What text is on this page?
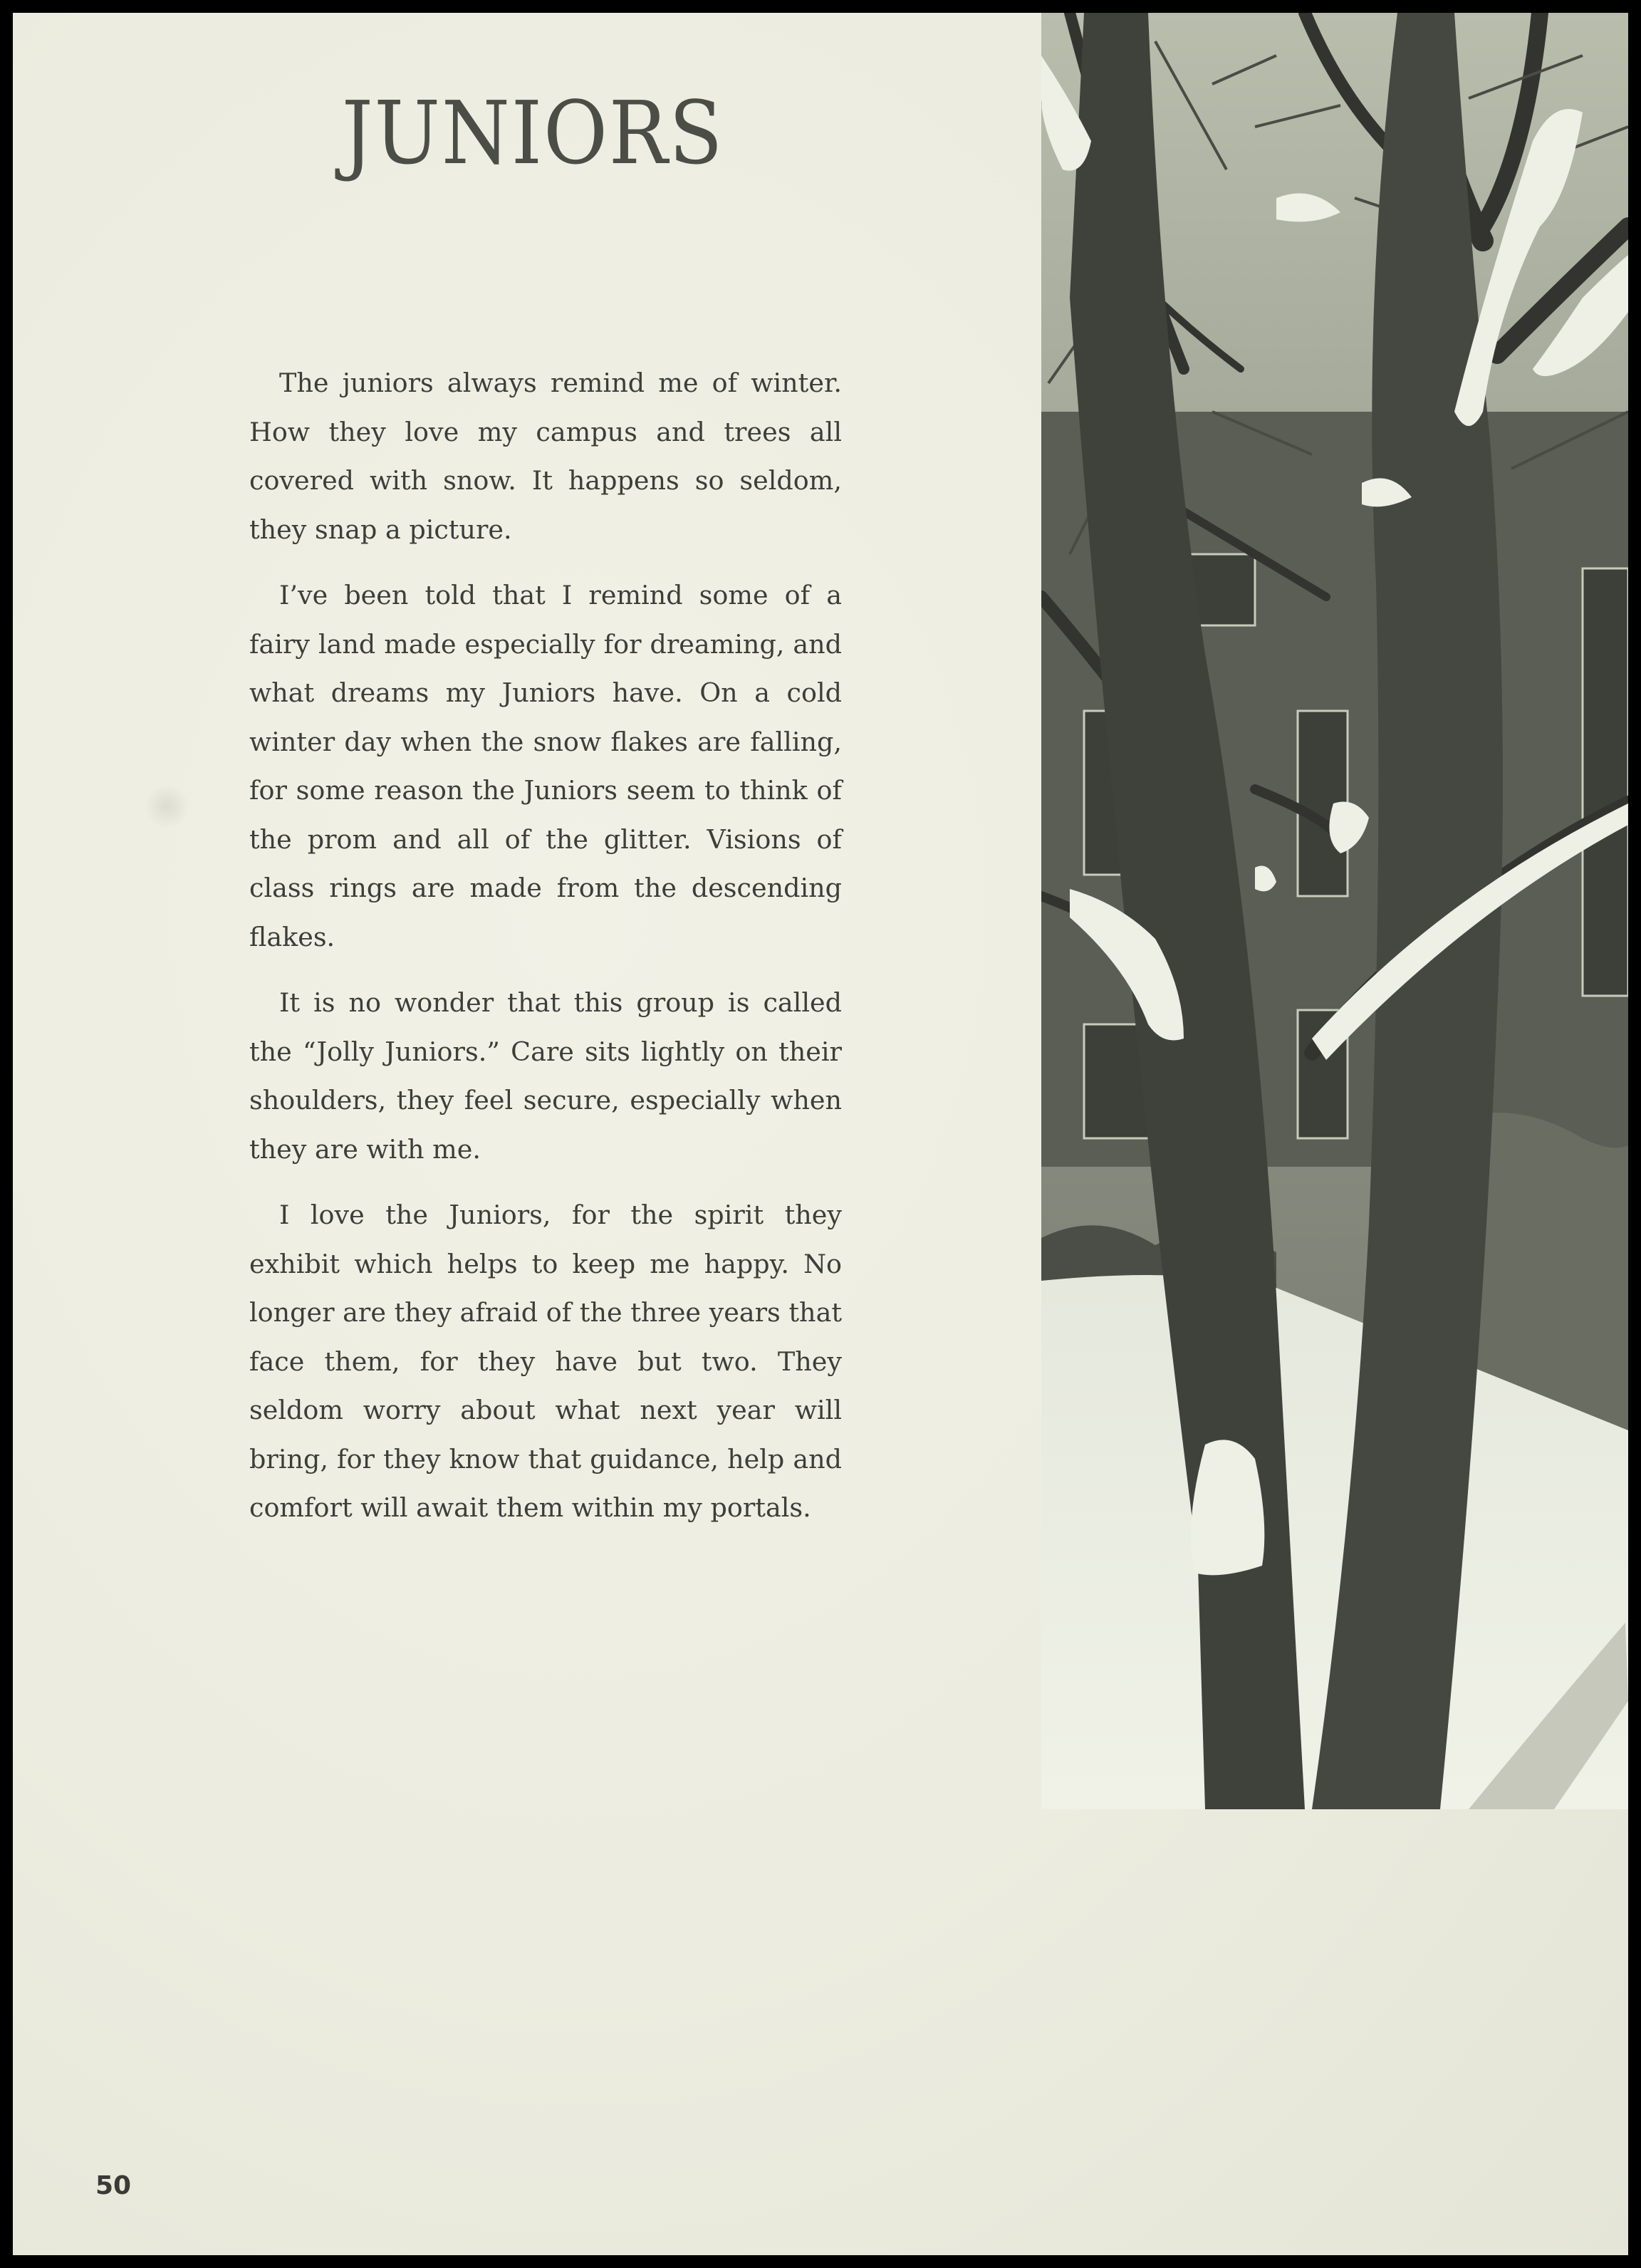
JUNIORS

The juniors always remind me of winter. How they love my campus and trees all covered with snow. It happens so seldom, they snap a picture.

I’ve been told that I remind some of a fairy land made especially for dreaming, and what dreams my Juniors have. On a cold winter day when the snow flakes are falling, for some reason the Juniors seem to think of the prom and all of the glitter. Visions of class rings are made from the descending flakes.

It is no wonder that this group is called the “Jolly Juniors.” Care sits lightly on their shoulders, they feel secure, especially when they are with me.

I love the Juniors, for the spirit they exhibit which helps to keep me happy. No longer are they afraid of the three years that face them, for they have but two. They seldom worry about what next year will bring, for they know that guidance, help and comfort will await them within my portals.

50
